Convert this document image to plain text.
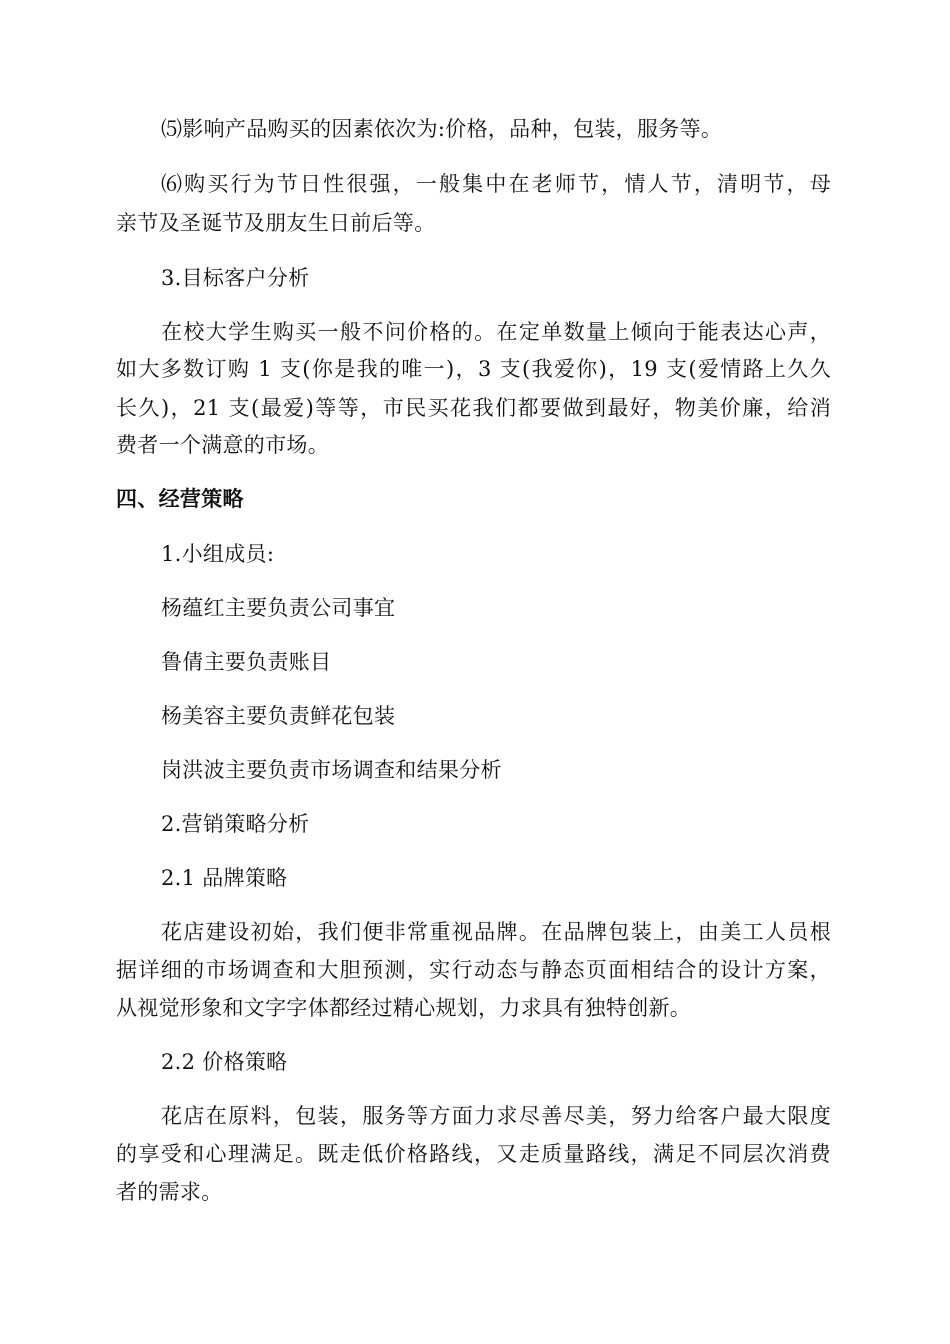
⑸影响产品购买的因素依次为:价格，品种，包装，服务等。
⑹购买行为节日性很强，一般集中在老师节，情人节，清明节，母
亲节及圣诞节及朋友生日前后等。
3.目标客户分析
在校大学生购买一般不问价格的。在定单数量上倾向于能表达心声，
如大多数订购 1 支(你是我的唯一)，3 支(我爱你)，19 支(爱情路上久久
长久)，21 支(最爱)等等，市民买花我们都要做到最好，物美价廉，给消
费者一个满意的市场。
四、经营策略
1.小组成员:
杨蕴红主要负责公司事宜
鲁倩主要负责账目
杨美容主要负责鲜花包装
岗洪波主要负责市场调查和结果分析
2.营销策略分析
2.1 品牌策略
花店建设初始，我们便非常重视品牌。在品牌包装上，由美工人员根
据详细的市场调查和大胆预测，实行动态与静态页面相结合的设计方案，
从视觉形象和文字字体都经过精心规划，力求具有独特创新。
2.2 价格策略
花店在原料，包装，服务等方面力求尽善尽美，努力给客户最大限度
的享受和心理满足。既走低价格路线，又走质量路线，满足不同层次消费
者的需求。
